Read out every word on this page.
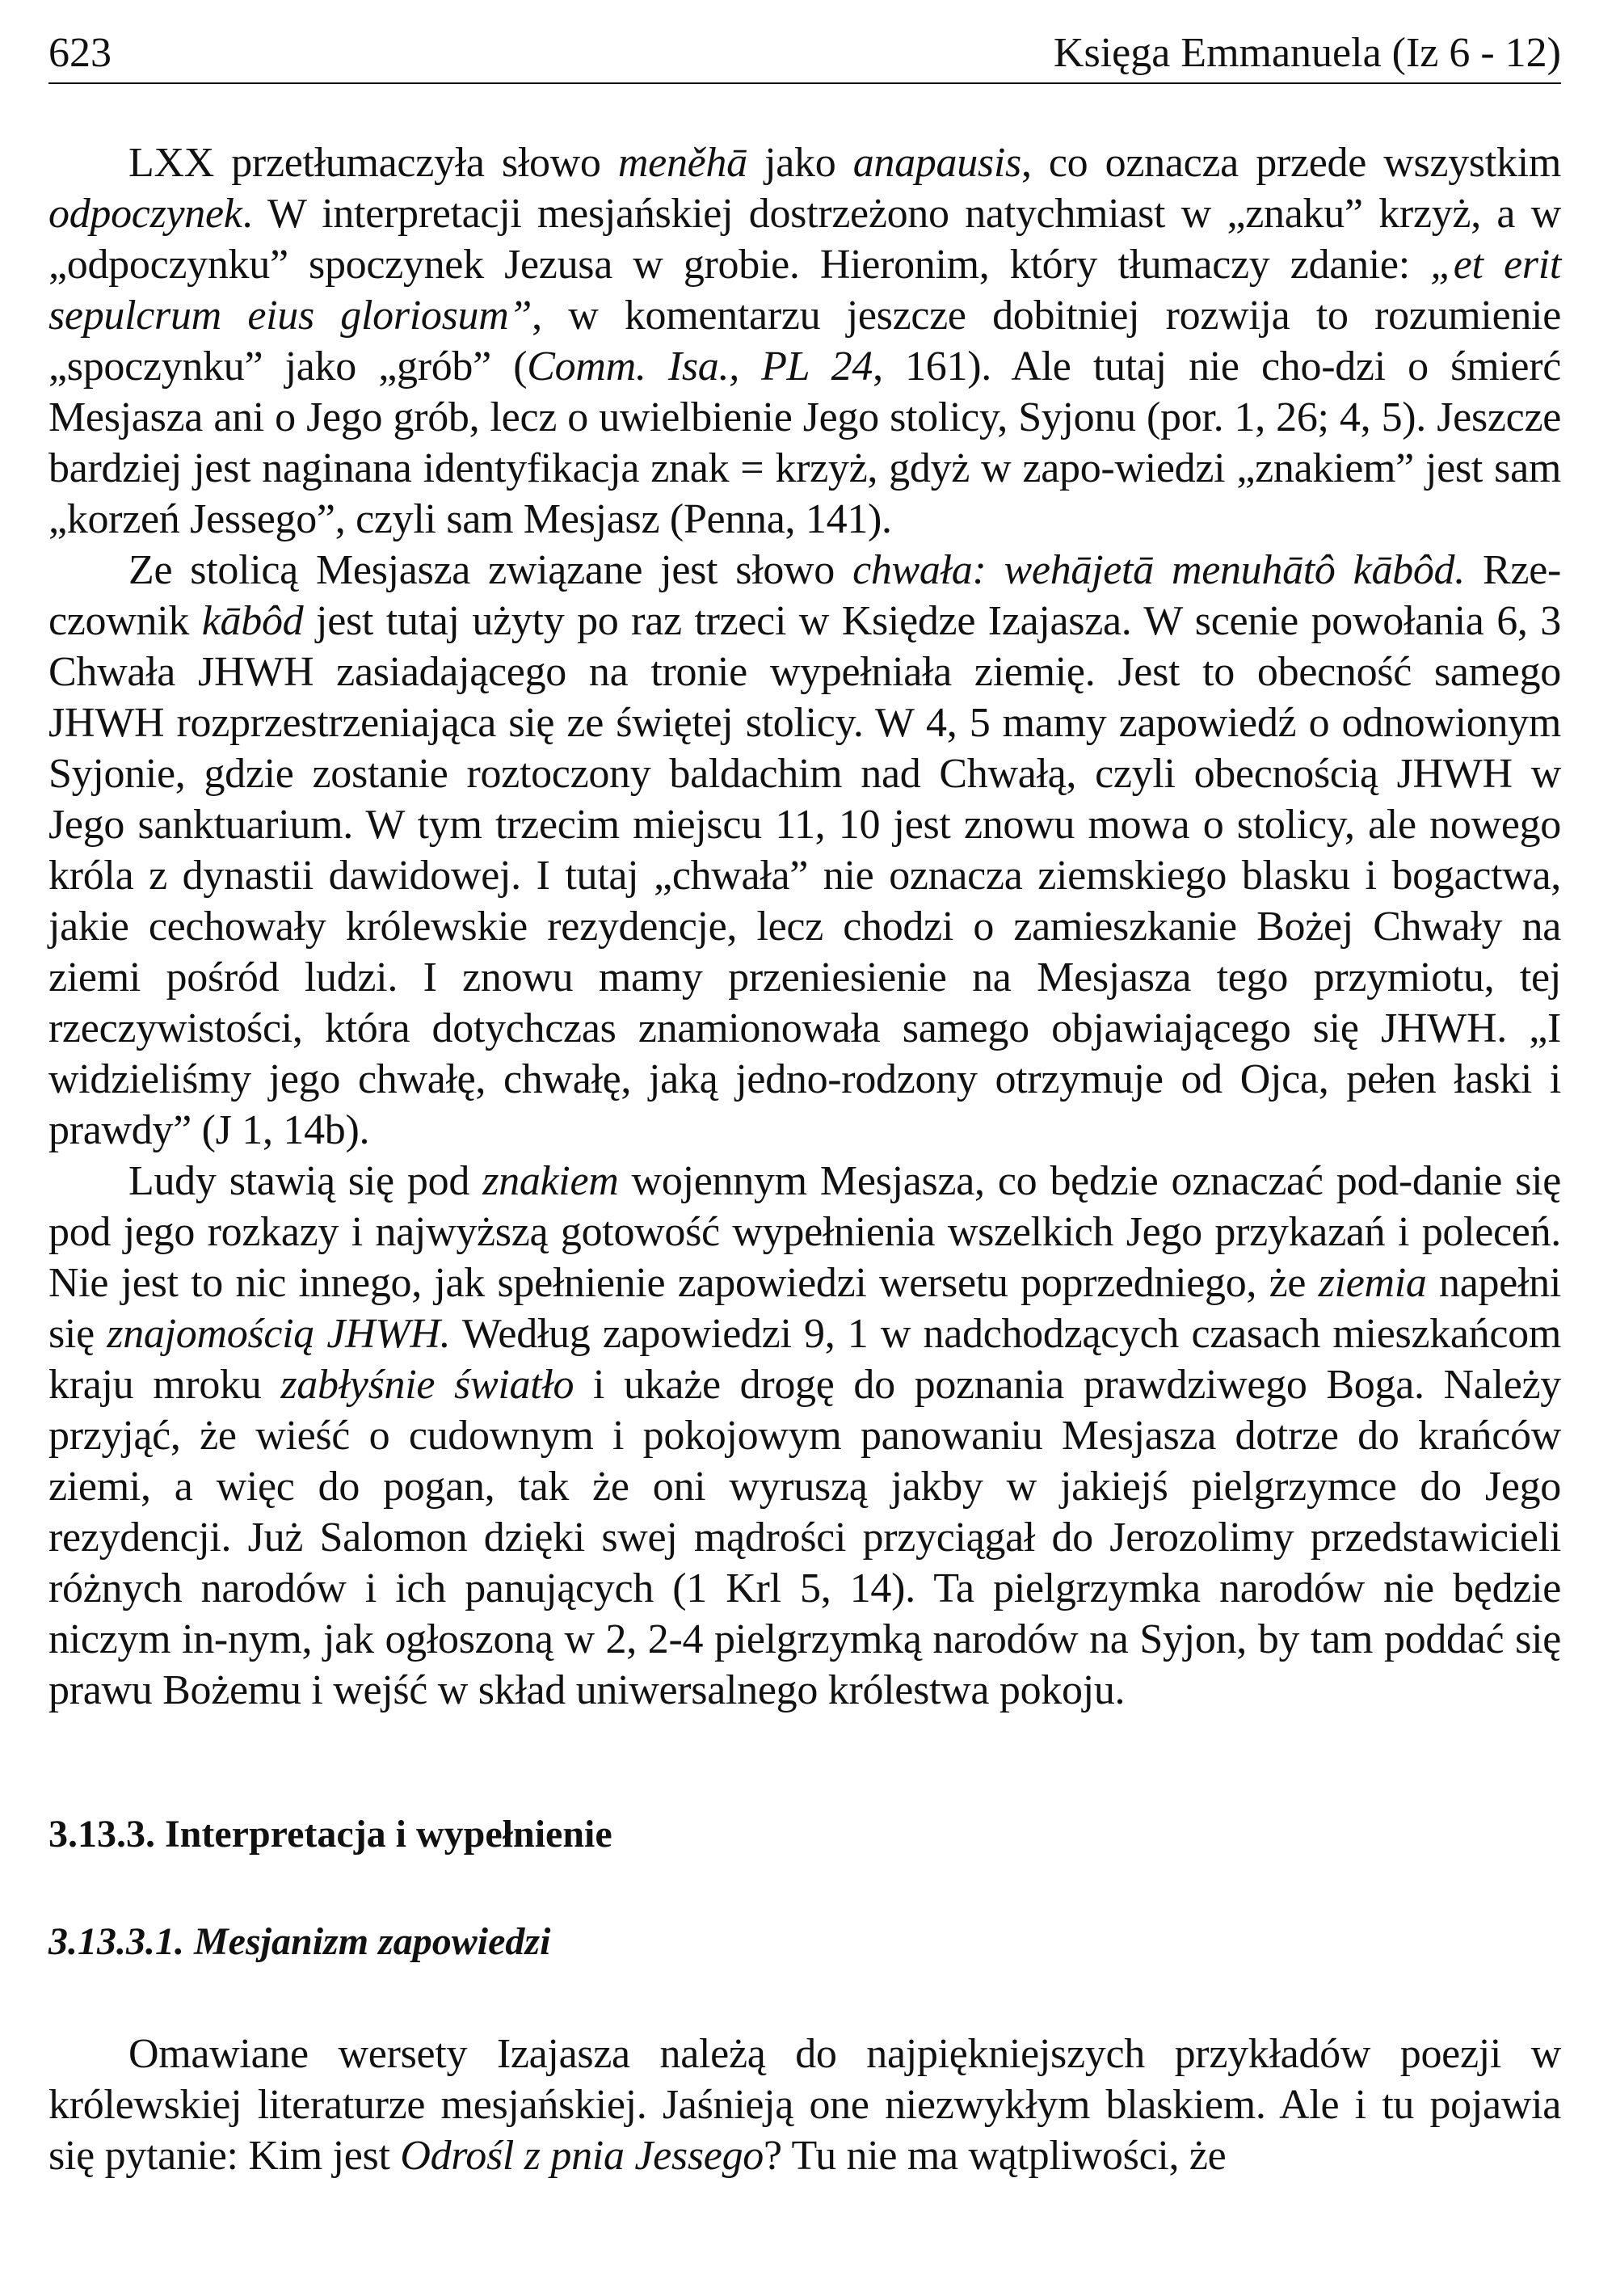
623	Księga Emmanuela (Iz 6 - 12)

LXX przetłumaczyła słowo meněhā jako anapausis, co oznacza przede wszystkim odpoczynek. W interpretacji mesjańskiej dostrzeżono natychmiast w „znaku” krzyż, a w „odpoczynku” spoczynek Jezusa w grobie. Hieronim, który tłumaczy zdanie: „et erit sepulcrum eius gloriosum”, w komentarzu jeszcze dobitniej rozwija to rozumienie „spoczynku” jako „grób” (Comm. Isa., PL 24, 161). Ale tutaj nie cho-dzi o śmierć Mesjasza ani o Jego grób, lecz o uwielbienie Jego stolicy, Syjonu (por. 1, 26; 4, 5). Jeszcze bardziej jest naginana identyfikacja znak = krzyż, gdyż w zapo-wiedzi „znakiem” jest sam „korzeń Jessego”, czyli sam Mesjasz (Penna, 141).

Ze stolicą Mesjasza związane jest słowo chwała: wehājetā menuhātô kābôd. Rze-czownik kābôd jest tutaj użyty po raz trzeci w Księdze Izajasza. W scenie powołania 6, 3 Chwała JHWH zasiadającego na tronie wypełniała ziemię. Jest to obecność samego JHWH rozprzestrzeniająca się ze świętej stolicy. W 4, 5 mamy zapowiedź o odnowionym Syjonie, gdzie zostanie roztoczony baldachim nad Chwałą, czyli obecnością JHWH w Jego sanktuarium. W tym trzecim miejscu 11, 10 jest znowu mowa o stolicy, ale nowego króla z dynastii dawidowej. I tutaj „chwała” nie oznacza ziemskiego blasku i bogactwa, jakie cechowały królewskie rezydencje, lecz chodzi o zamieszkanie Bożej Chwały na ziemi pośród ludzi. I znowu mamy przeniesienie na Mesjasza tego przymiotu, tej rzeczywistości, która dotychczas znamionowała samego objawiającego się JHWH. „I widzieliśmy jego chwałę, chwałę, jaką jedno-rodzony otrzymuje od Ojca, pełen łaski i prawdy” (J 1, 14b).

Ludy stawią się pod znakiem wojennym Mesjasza, co będzie oznaczać pod-danie się pod jego rozkazy i najwyższą gotowość wypełnienia wszelkich Jego przykazań i poleceń. Nie jest to nic innego, jak spełnienie zapowiedzi wersetu poprzedniego, że ziemia napełni się znajomością JHWH. Według zapowiedzi 9, 1 w nadchodzących czasach mieszkańcom kraju mroku zabłyśnie światło i ukaże drogę do poznania prawdziwego Boga. Należy przyjąć, że wieść o cudownym i pokojowym panowaniu Mesjasza dotrze do krańców ziemi, a więc do pogan, tak że oni wyruszą jakby w jakiejś pielgrzymce do Jego rezydencji. Już Salomon dzięki swej mądrości przyciągał do Jerozolimy przedstawicieli różnych narodów i ich panujących (1 Krl 5, 14). Ta pielgrzymka narodów nie będzie niczym in-nym, jak ogłoszoną w 2, 2-4 pielgrzymką narodów na Syjon, by tam poddać się prawu Bożemu i wejść w skład uniwersalnego królestwa pokoju.

3.13.3. Interpretacja i wypełnienie
3.13.3.1. Mesjanizm zapowiedzi

Omawiane wersety Izajasza należą do najpiękniejszych przykładów poezji w królewskiej literaturze mesjańskiej. Jaśnieją one niezwykłym blaskiem. Ale i tu pojawia się pytanie: Kim jest Odrośl z pnia Jessego? Tu nie ma wątpliwości, że
